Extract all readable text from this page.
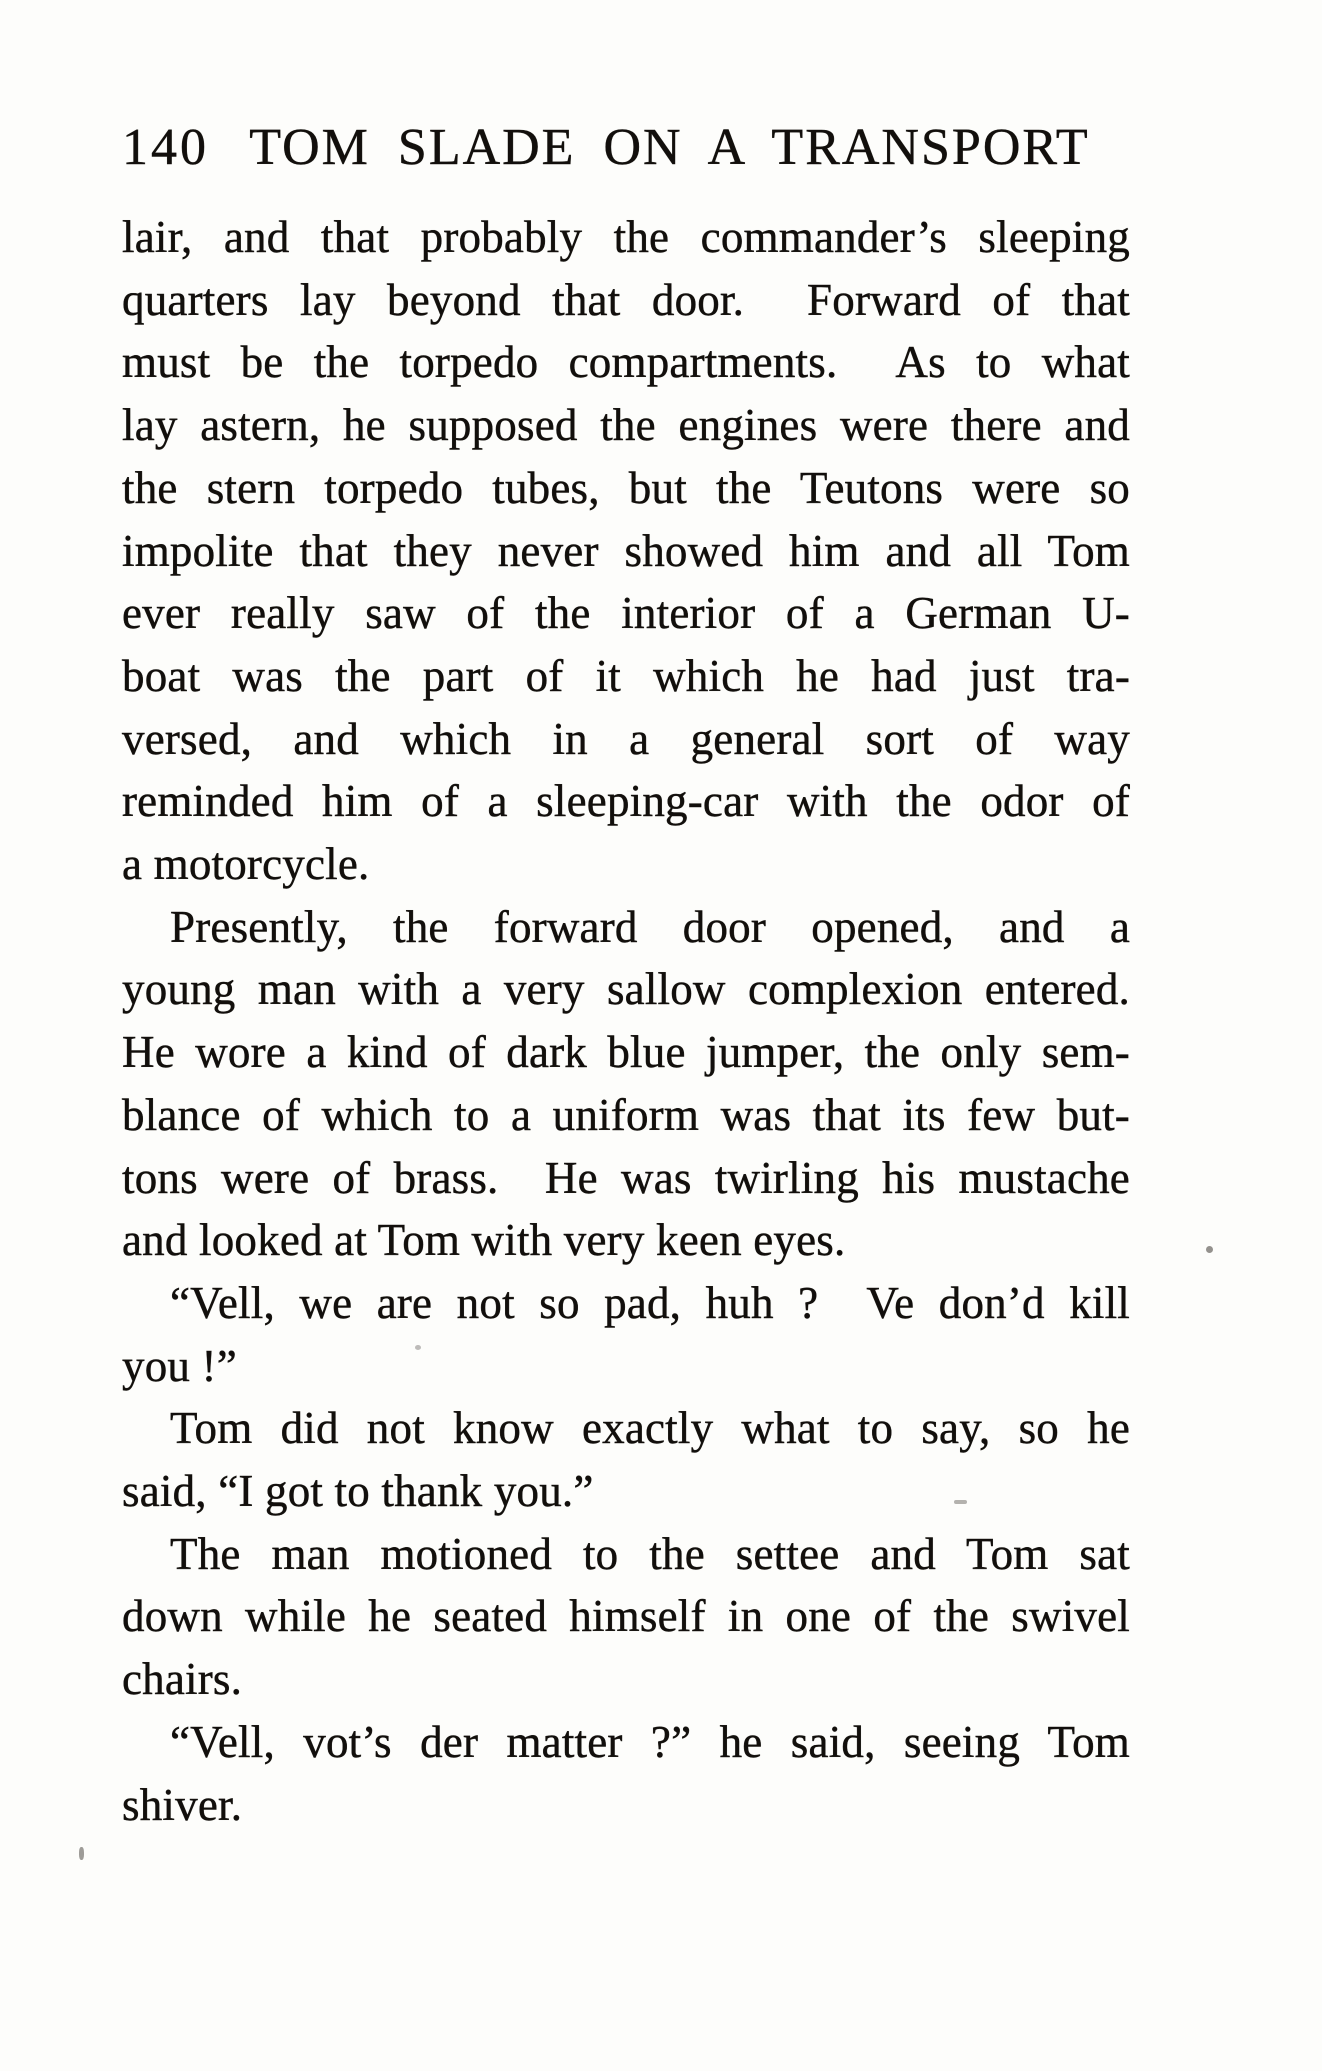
140 TOM SLADE ON A TRANSPORT
lair, and that probably the commander’s sleeping
quarters lay beyond that door.  Forward of that
must be the torpedo compartments.  As to what
lay astern, he supposed the engines were there and
the stern torpedo tubes, but the Teutons were so
impolite that they never showed him and all Tom
ever really saw of the interior of a German U-
boat was the part of it which he had just tra-
versed, and which in a general sort of way
reminded him of a sleeping-car with the odor of
a motorcycle.
Presently, the forward door opened, and a
young man with a very sallow complexion entered.
He wore a kind of dark blue jumper, the only sem-
blance of which to a uniform was that its few but-
tons were of brass.  He was twirling his mustache
and looked at Tom with very keen eyes.
“Vell, we are not so pad, huh ?  Ve don’d kill
you !”
Tom did not know exactly what to say, so he
said, “I got to thank you.”
The man motioned to the settee and Tom sat
down while he seated himself in one of the swivel
chairs.
“Vell, vot’s der matter ?” he said, seeing Tom
shiver.
